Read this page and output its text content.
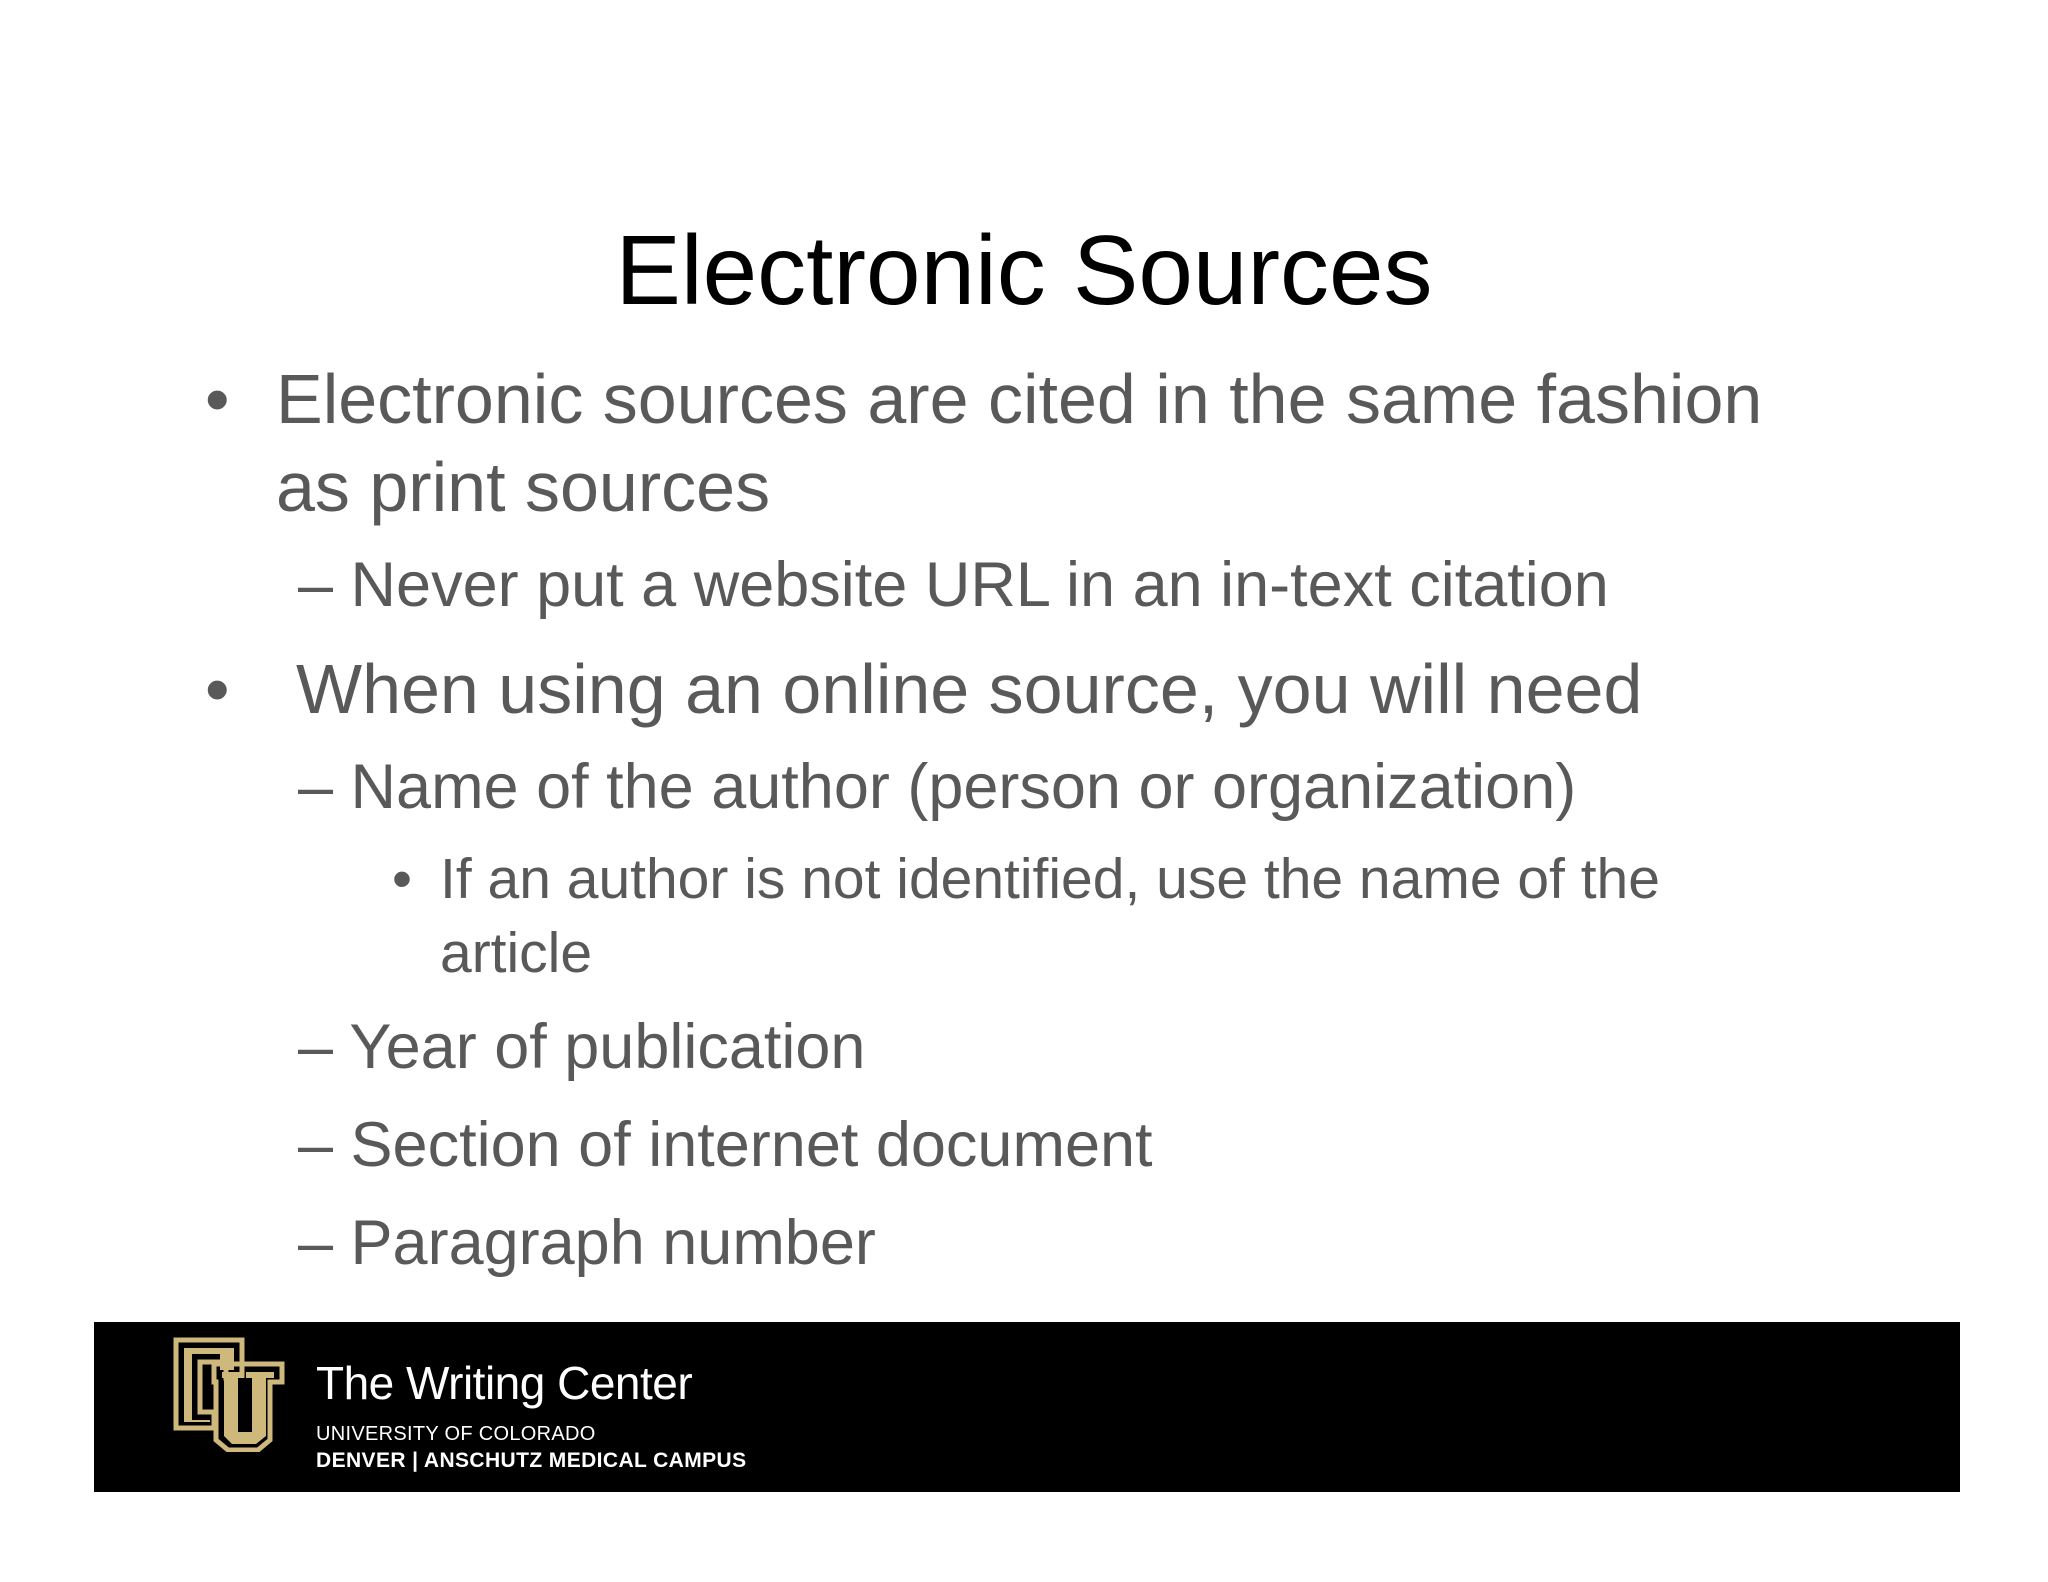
Electronic Sources
• Electronic sources are cited in the same fashion
as print sources
– Never put a website URL in an in-text citation
• When using an online source, you will need
– Name of the author (person or organization)
• If an author is not identified, use the name of the
article
– Year of publication
– Section of internet document
– Paragraph number
The Writing Center
UNIVERSITY OF COLORADO
DENVER | ANSCHUTZ MEDICAL CAMPUS
